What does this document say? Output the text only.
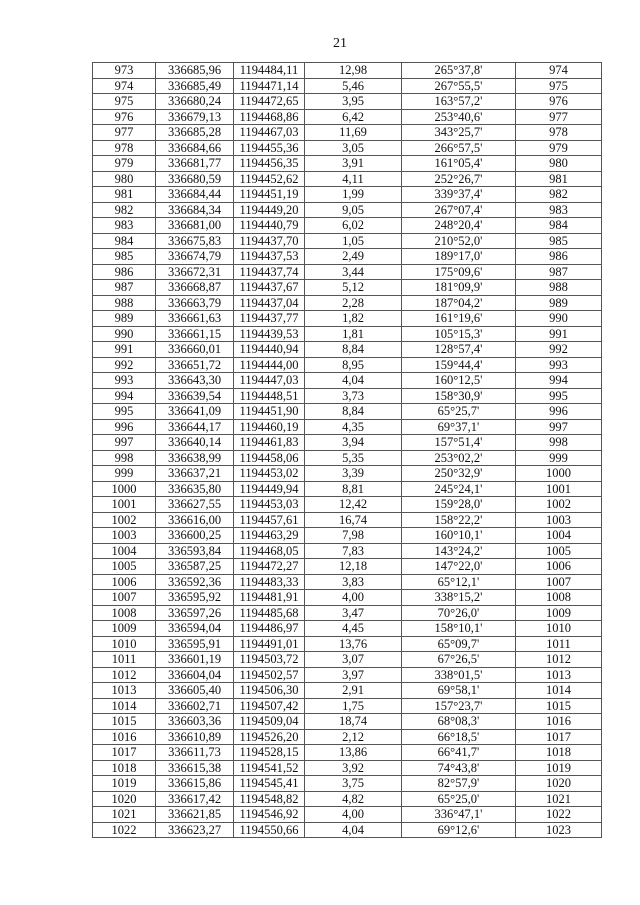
21
973	336685,96	1194484,11	12,98	265°37,8'	974
974	336685,49	1194471,14	5,46	267°55,5'	975
975	336680,24	1194472,65	3,95	163°57,2'	976
976	336679,13	1194468,86	6,42	253°40,6'	977
977	336685,28	1194467,03	11,69	343°25,7'	978
978	336684,66	1194455,36	3,05	266°57,5'	979
979	336681,77	1194456,35	3,91	161°05,4'	980
980	336680,59	1194452,62	4,11	252°26,7'	981
981	336684,44	1194451,19	1,99	339°37,4'	982
982	336684,34	1194449,20	9,05	267°07,4'	983
983	336681,00	1194440,79	6,02	248°20,4'	984
984	336675,83	1194437,70	1,05	210°52,0'	985
985	336674,79	1194437,53	2,49	189°17,0'	986
986	336672,31	1194437,74	3,44	175°09,6'	987
987	336668,87	1194437,67	5,12	181°09,9'	988
988	336663,79	1194437,04	2,28	187°04,2'	989
989	336661,63	1194437,77	1,82	161°19,6'	990
990	336661,15	1194439,53	1,81	105°15,3'	991
991	336660,01	1194440,94	8,84	128°57,4'	992
992	336651,72	1194444,00	8,95	159°44,4'	993
993	336643,30	1194447,03	4,04	160°12,5'	994
994	336639,54	1194448,51	3,73	158°30,9'	995
995	336641,09	1194451,90	8,84	65°25,7'	996
996	336644,17	1194460,19	4,35	69°37,1'	997
997	336640,14	1194461,83	3,94	157°51,4'	998
998	336638,99	1194458,06	5,35	253°02,2'	999
999	336637,21	1194453,02	3,39	250°32,9'	1000
1000	336635,80	1194449,94	8,81	245°24,1'	1001
1001	336627,55	1194453,03	12,42	159°28,0'	1002
1002	336616,00	1194457,61	16,74	158°22,2'	1003
1003	336600,25	1194463,29	7,98	160°10,1'	1004
1004	336593,84	1194468,05	7,83	143°24,2'	1005
1005	336587,25	1194472,27	12,18	147°22,0'	1006
1006	336592,36	1194483,33	3,83	65°12,1'	1007
1007	336595,92	1194481,91	4,00	338°15,2'	1008
1008	336597,26	1194485,68	3,47	70°26,0'	1009
1009	336594,04	1194486,97	4,45	158°10,1'	1010
1010	336595,91	1194491,01	13,76	65°09,7'	1011
1011	336601,19	1194503,72	3,07	67°26,5'	1012
1012	336604,04	1194502,57	3,97	338°01,5'	1013
1013	336605,40	1194506,30	2,91	69°58,1'	1014
1014	336602,71	1194507,42	1,75	157°23,7'	1015
1015	336603,36	1194509,04	18,74	68°08,3'	1016
1016	336610,89	1194526,20	2,12	66°18,5'	1017
1017	336611,73	1194528,15	13,86	66°41,7'	1018
1018	336615,38	1194541,52	3,92	74°43,8'	1019
1019	336615,86	1194545,41	3,75	82°57,9'	1020
1020	336617,42	1194548,82	4,82	65°25,0'	1021
1021	336621,85	1194546,92	4,00	336°47,1'	1022
1022	336623,27	1194550,66	4,04	69°12,6'	1023
